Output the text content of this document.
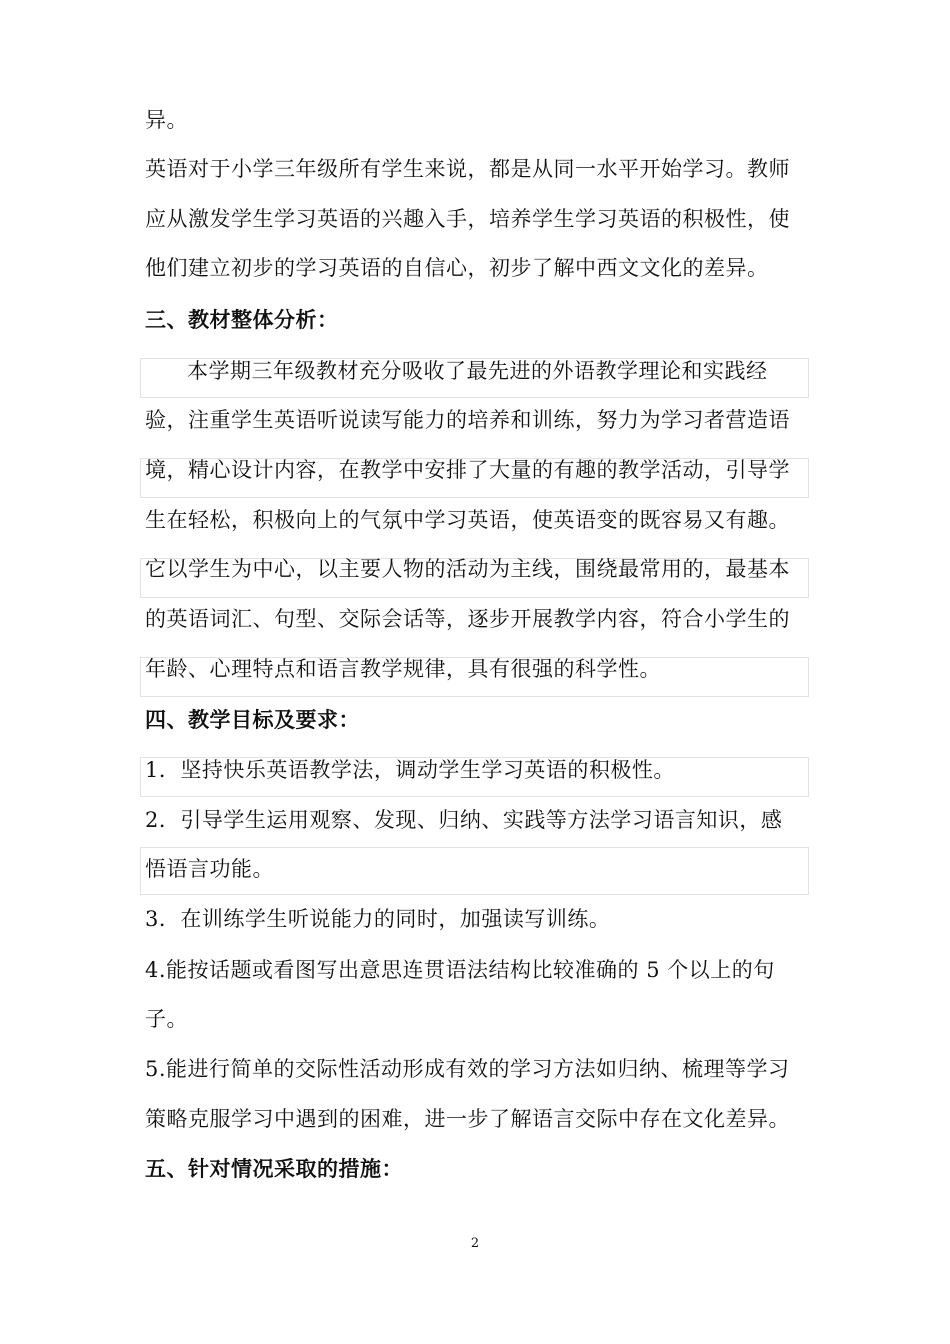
异。
英语对于小学三年级所有学生来说，都是从同一水平开始学习。教师
应从激发学生学习英语的兴趣入手，培养学生学习英语的积极性，使
他们建立初步的学习英语的自信心，初步了解中西文文化的差异。
三、教材整体分析：
本学期三年级教材充分吸收了最先进的外语教学理论和实践经
验，注重学生英语听说读写能力的培养和训练，努力为学习者营造语
境，精心设计内容，在教学中安排了大量的有趣的教学活动，引导学
生在轻松，积极向上的气氛中学习英语，使英语变的既容易又有趣。
它以学生为中心，以主要人物的活动为主线，围绕最常用的，最基本
的英语词汇、句型、交际会话等，逐步开展教学内容，符合小学生的
年龄、心理特点和语言教学规律，具有很强的科学性。
四、教学目标及要求：
1．坚持快乐英语教学法，调动学生学习英语的积极性。
2．引导学生运用观察、发现、归纳、实践等方法学习语言知识，感
悟语言功能。
3．在训练学生听说能力的同时，加强读写训练。
4.能按话题或看图写出意思连贯语法结构比较准确的 5 个以上的句
子。
5.能进行简单的交际性活动形成有效的学习方法如归纳、梳理等学习
策略克服学习中遇到的困难，进一步了解语言交际中存在文化差异。
五、针对情况采取的措施：
2
